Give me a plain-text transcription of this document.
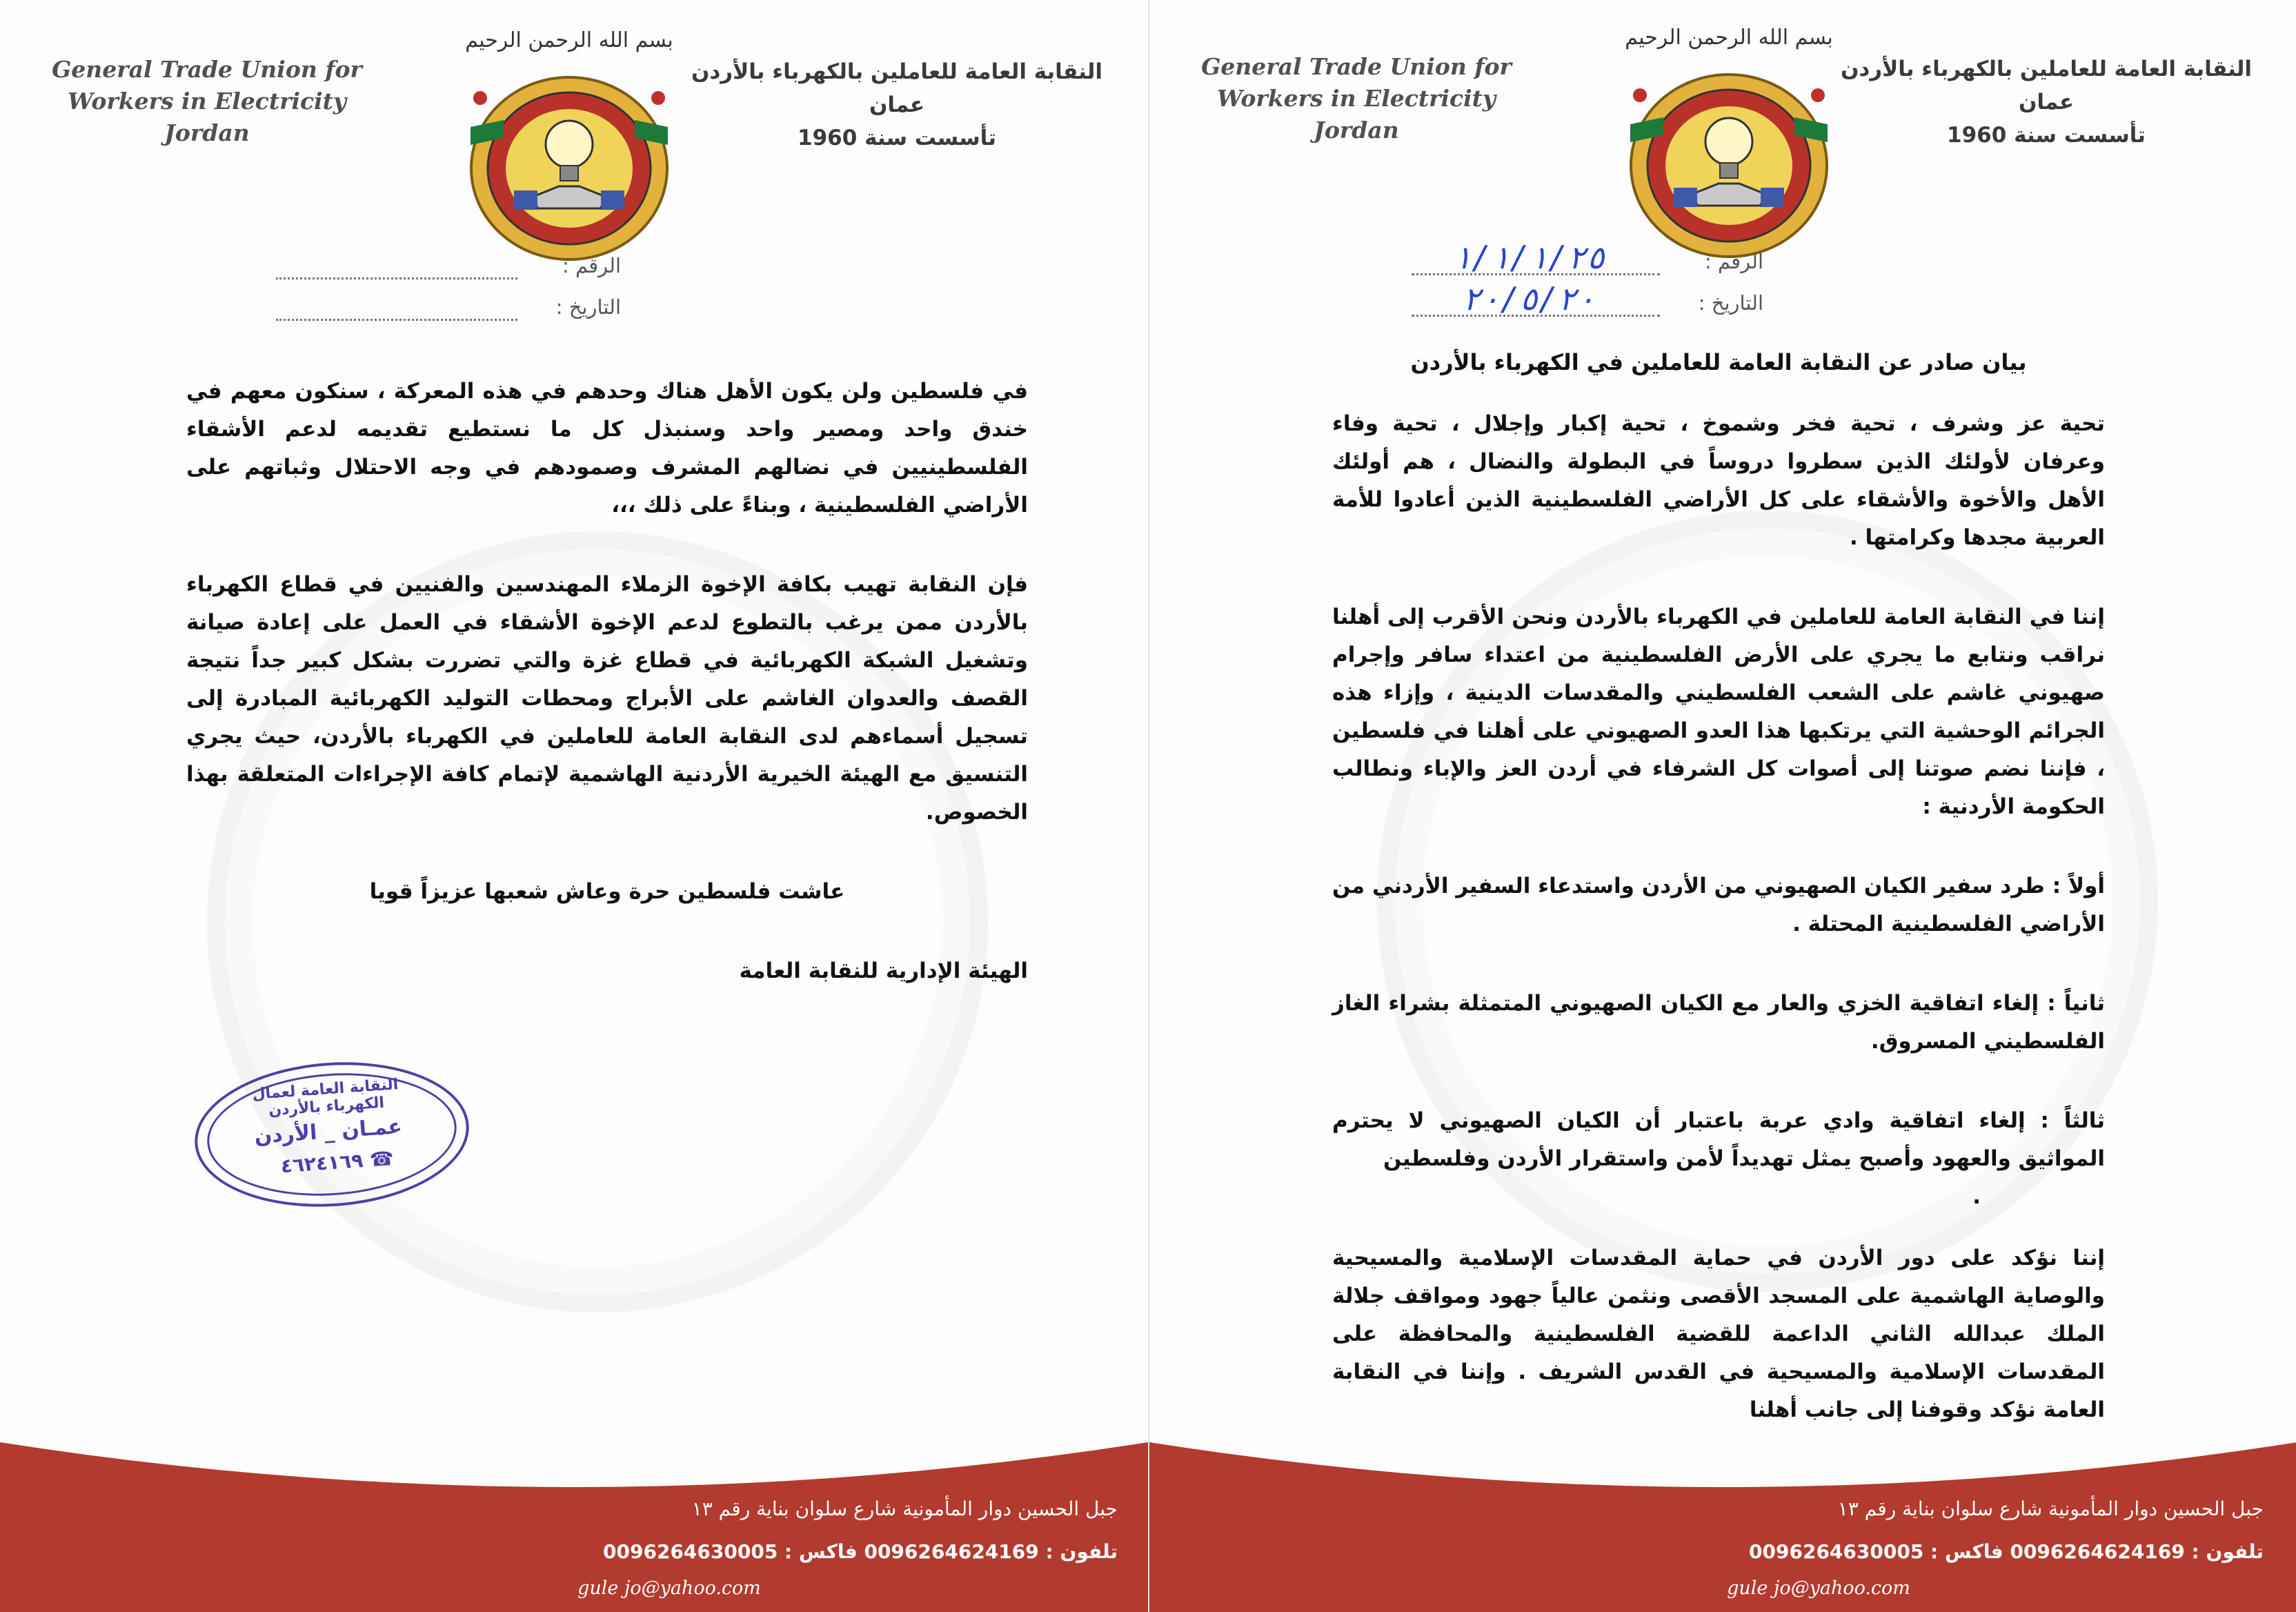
General Trade Union for
Workers in Electricity
Jordan
بسم الله الرحمن الرحيم
النقابة العامة للعاملين بالكهرباء بالأردن
عمان
تأسست سنة 1960
الرقم :
التاريخ :

في فلسطين ولن يكون الأهل هناك وحدهم في هذه المعركة ، سنكون معهم في خندق واحد ومصير واحد وسنبذل كل ما نستطيع تقديمه لدعم الأشقاء الفلسطينيين في نضالهم المشرف وصمودهم في وجه الاحتلال وثباتهم على الأراضي الفلسطينية ، وبناءً على ذلك ،،،

فإن النقابة تهيب بكافة الإخوة الزملاء المهندسين والفنيين في قطاع الكهرباء بالأردن ممن يرغب بالتطوع لدعم الإخوة الأشقاء في العمل على إعادة صيانة وتشغيل الشبكة الكهربائية في قطاع غزة والتي تضررت بشكل كبير جداً نتيجة القصف والعدوان الغاشم على الأبراج ومحطات التوليد الكهربائية المبادرة إلى تسجيل أسماءهم لدى النقابة العامة للعاملين في الكهرباء بالأردن، حيث يجري التنسيق مع الهيئة الخيرية الأردنية الهاشمية لإتمام كافة الإجراءات المتعلقة بهذا الخصوص.

عاشت فلسطين حرة وعاش شعبها عزيزاً قويا

الهيئة الإدارية للنقابة العامة

النقابة العامة لعمال الكهرباء بالأردن
عمـان _ الأردن
☎ ٤٦٢٤١٦٩
جبل الحسين دوار المأمونية شارع سلوان بناية رقم ١٣
تلفون : 0096264624169 فاكس : 0096264630005
gule jo@yahoo.com
General Trade Union for
Workers in Electricity
Jordan
بسم الله الرحمن الرحيم
النقابة العامة للعاملين بالكهرباء بالأردن
عمان
تأسست سنة 1960
الرقم :
١/١/١/٢٥
التاريخ :
٢٠/٥/٢٠

بيان صادر عن النقابة العامة للعاملين في الكهرباء بالأردن

تحية عز وشرف ، تحية فخر وشموخ ، تحية إكبار وإجلال ، تحية وفاء وعرفان لأولئك الذين سطروا دروساً في البطولة والنضال ، هم أولئك الأهل والأخوة والأشقاء على كل الأراضي الفلسطينية الذين أعادوا للأمة العربية مجدها وكرامتها .

إننا في النقابة العامة للعاملين في الكهرباء بالأردن ونحن الأقرب إلى أهلنا نراقب ونتابع ما يجري على الأرض الفلسطينية من اعتداء سافر وإجرام صهيوني غاشم على الشعب الفلسطيني والمقدسات الدينية ، وإزاء هذه الجرائم الوحشية التي يرتكبها هذا العدو الصهيوني على أهلنا في فلسطين ، فإننا نضم صوتنا إلى أصوات كل الشرفاء في أردن العز والإباء ونطالب الحكومة الأردنية :

أولاً : طرد سفير الكيان الصهيوني من الأردن واستدعاء السفير الأردني من الأراضي الفلسطينية المحتلة .

ثانياً : إلغاء اتفاقية الخزي والعار مع الكيان الصهيوني المتمثلة بشراء الغاز الفلسطيني المسروق.

ثالثاً : إلغاء اتفاقية وادي عربة باعتبار أن الكيان الصهيوني لا يحترم المواثيق والعهود وأصبح يمثل تهديداً لأمن واستقرار الأردن وفلسطين

.

إننا نؤكد على دور الأردن في حماية المقدسات الإسلامية والمسيحية والوصاية الهاشمية على المسجد الأقصى ونثمن عالياً جهود ومواقف جلالة الملك عبدالله الثاني الداعمة للقضية الفلسطينية والمحافظة على المقدسات الإسلامية والمسيحية في القدس الشريف . وإننا في النقابة العامة نؤكد وقوفنا إلى جانب أهلنا

جبل الحسين دوار المأمونية شارع سلوان بناية رقم ١٣
تلفون : 0096264624169 فاكس : 0096264630005
gule jo@yahoo.com
